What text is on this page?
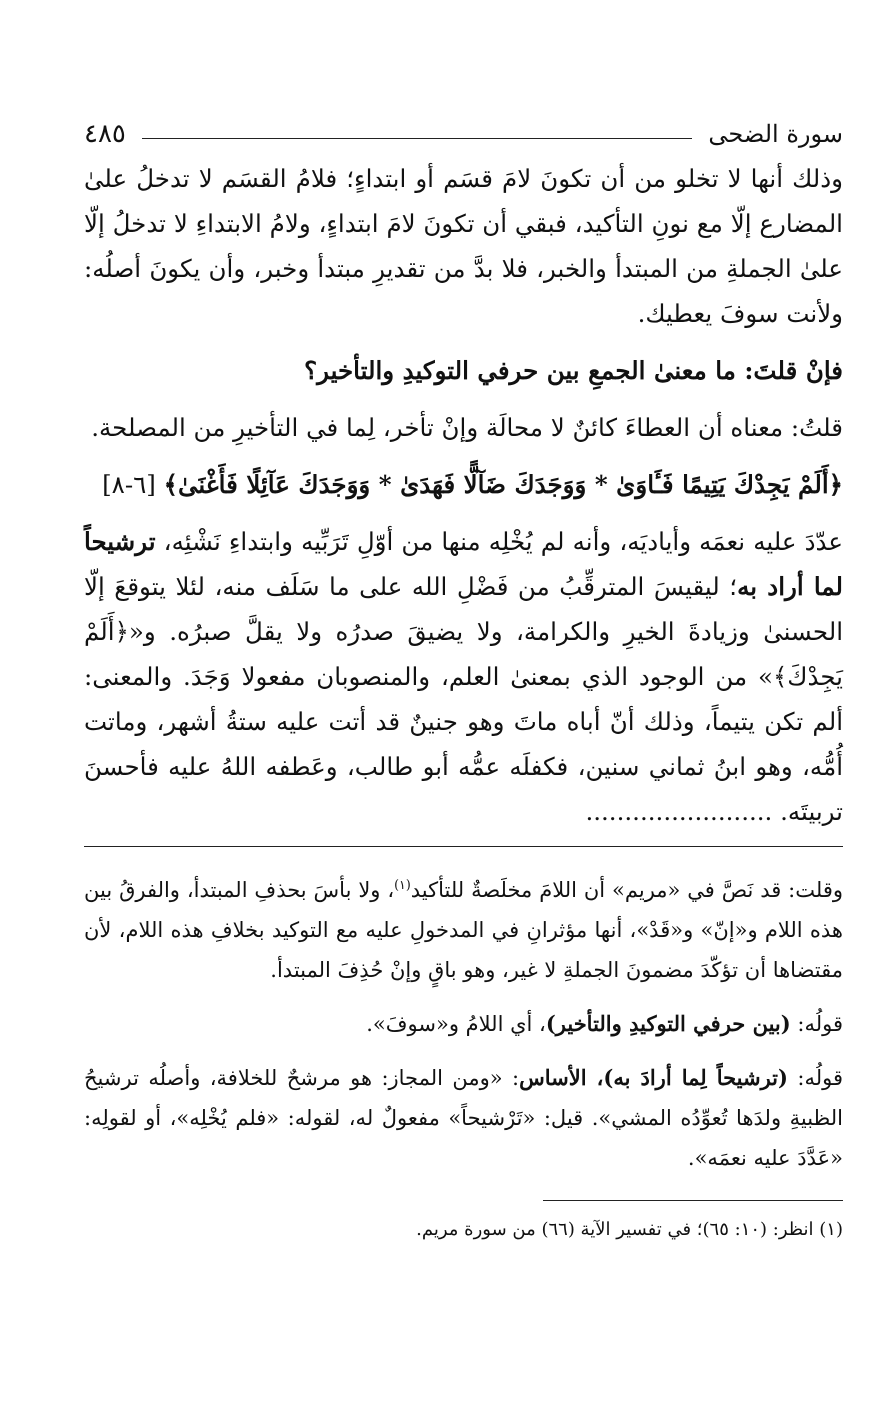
سورة الضحى
٤٨٥

وذلك أنها لا تخلو من أن تكونَ لامَ قسَم أو ابتداءٍ؛ فلامُ القسَم لا تدخلُ علىٰ المضارع إلّا مع نونِ التأكيد، فبقي أن تكونَ لامَ ابتداءٍ، ولامُ الابتداءِ لا تدخلُ إلّا علىٰ الجملةِ من المبتدأ والخبر، فلا بدَّ من تقديرِ مبتدأ وخبر، وأن يكونَ أصلُه: ولأنت سوفَ يعطيك.

فإنْ قلتَ: ما معنىٰ الجمعِ بين حرفي التوكيدِ والتأخير؟

قلتُ: معناه أن العطاءَ كائنٌ لا محالَة وإنْ تأخر، لِما في التأخيرِ من المصلحة.

﴿أَلَمْ يَجِدْكَ يَتِيمًا فَـَٔاوَىٰ * وَوَجَدَكَ ضَآلًّا فَهَدَىٰ * وَوَجَدَكَ عَآئِلًا فَأَغْنَىٰ﴾ [٦-٨]

عدّدَ عليه نعمَه وأياديَه، وأنه لم يُخْلِه منها من أوّلِ تَرَبِّيه وابتداءِ نَشْئِه، ترشيحاً لما أراد به؛ ليقيسَ المترقِّبُ من فَضْلِ الله على ما سَلَف منه، لئلا يتوقعَ إلّا الحسنىٰ وزيادةَ الخيرِ والكرامة، ولا يضيقَ صدرُه ولا يقلَّ صبرُه. و«﴿أَلَمْ يَجِدْكَ﴾» من الوجود الذي بمعنىٰ العلم، والمنصوبان مفعولا وَجَدَ. والمعنى: ألم تكن يتيماً، وذلك أنّ أباه ماتَ وهو جنينٌ قد أتت عليه ستةُ أشهر، وماتت أُمُّه، وهو ابنُ ثماني سنين، فكفلَه عمُّه أبو طالب، وعَطفه اللهُ عليه فأحسنَ تربيتَه. ........................

وقلت: قد نَصَّ في «مريم» أن اللامَ مخلَصةٌ للتأكيد$^{(١)}$، ولا بأسَ بحذفِ المبتدأ، والفرقُ بين هذه اللام و«إنّ» و«قَدْ»، أنها مؤثرانِ في المدخولِ عليه مع التوكيد بخلافِ هذه اللام، لأن مقتضاها أن تؤكّدَ مضمونَ الجملةِ لا غير، وهو باقٍ وإنْ حُذِفَ المبتدأ.

قولُه: (بين حرفي التوكيدِ والتأخير)، أي اللامُ و«سوفَ».

قولُه: (ترشيحاً لِما أرادَ به)، الأساس: «ومن المجاز: هو مرشحٌ للخلافة، وأصلُه ترشيحُ الظبيةِ ولدَها تُعوِّدُه المشي». قيل: «تَرْشيحاً» مفعولٌ له، لقوله: «فلم يُخْلِه»، أو لقولِه: «عَدَّدَ عليه نعمَه».

(١) انظر: (١٠: ٦٥)؛ في تفسير الآية (٦٦) من سورة مريم.
